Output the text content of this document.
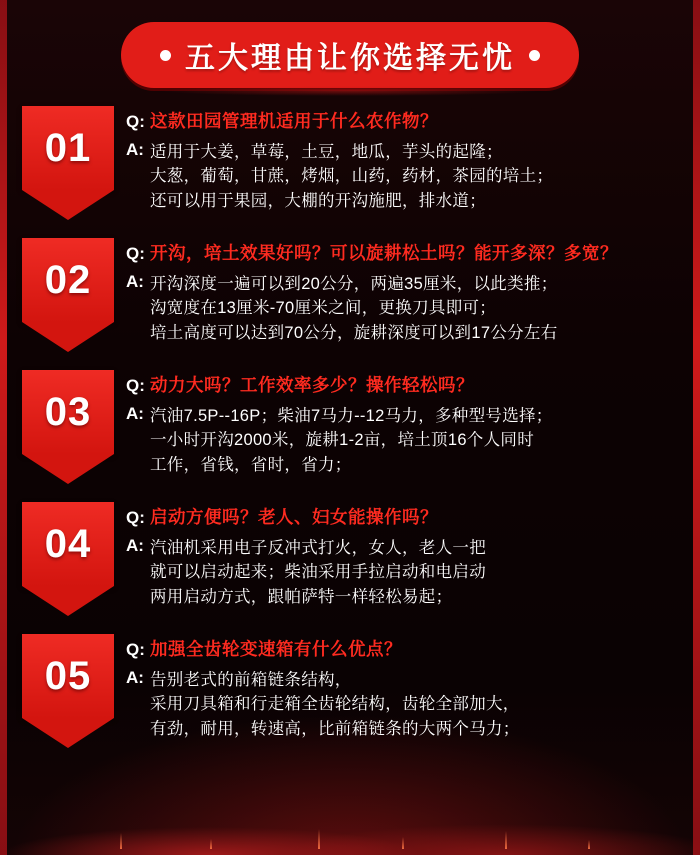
五大理由让你选择无忧
01
Q: 这款田园管理机适用于什么农作物？
A: 适用于大姜，草莓，土豆，地瓜，芋头的起隆；
大葱，葡萄，甘蔗，烤烟，山药，药材，茶园的培土；
还可以用于果园，大棚的开沟施肥，排水道；
02
Q: 开沟，培土效果好吗？可以旋耕松土吗？能开多深？多宽？
A: 开沟深度一遍可以到20公分，两遍35厘米，以此类推；
沟宽度在13厘米-70厘米之间，更换刀具即可；
培土高度可以达到70公分，旋耕深度可以到17公分左右
03
Q: 动力大吗？工作效率多少？操作轻松吗？
A: 汽油7.5P--16P；柴油7马力--12马力，多种型号选择；
一小时开沟2000米，旋耕1-2亩，培土顶16个人同时
工作，省钱，省时，省力；
04
Q: 启动方便吗？老人、妇女能操作吗？
A: 汽油机采用电子反冲式打火，女人，老人一把
就可以启动起来；柴油采用手拉启动和电启动
两用启动方式，跟帕萨特一样轻松易起；
05
Q: 加强全齿轮变速箱有什么优点？
A: 告别老式的前箱链条结构，
采用刀具箱和行走箱全齿轮结构，齿轮全部加大，
有劲，耐用，转速高，比前箱链条的大两个马力；
